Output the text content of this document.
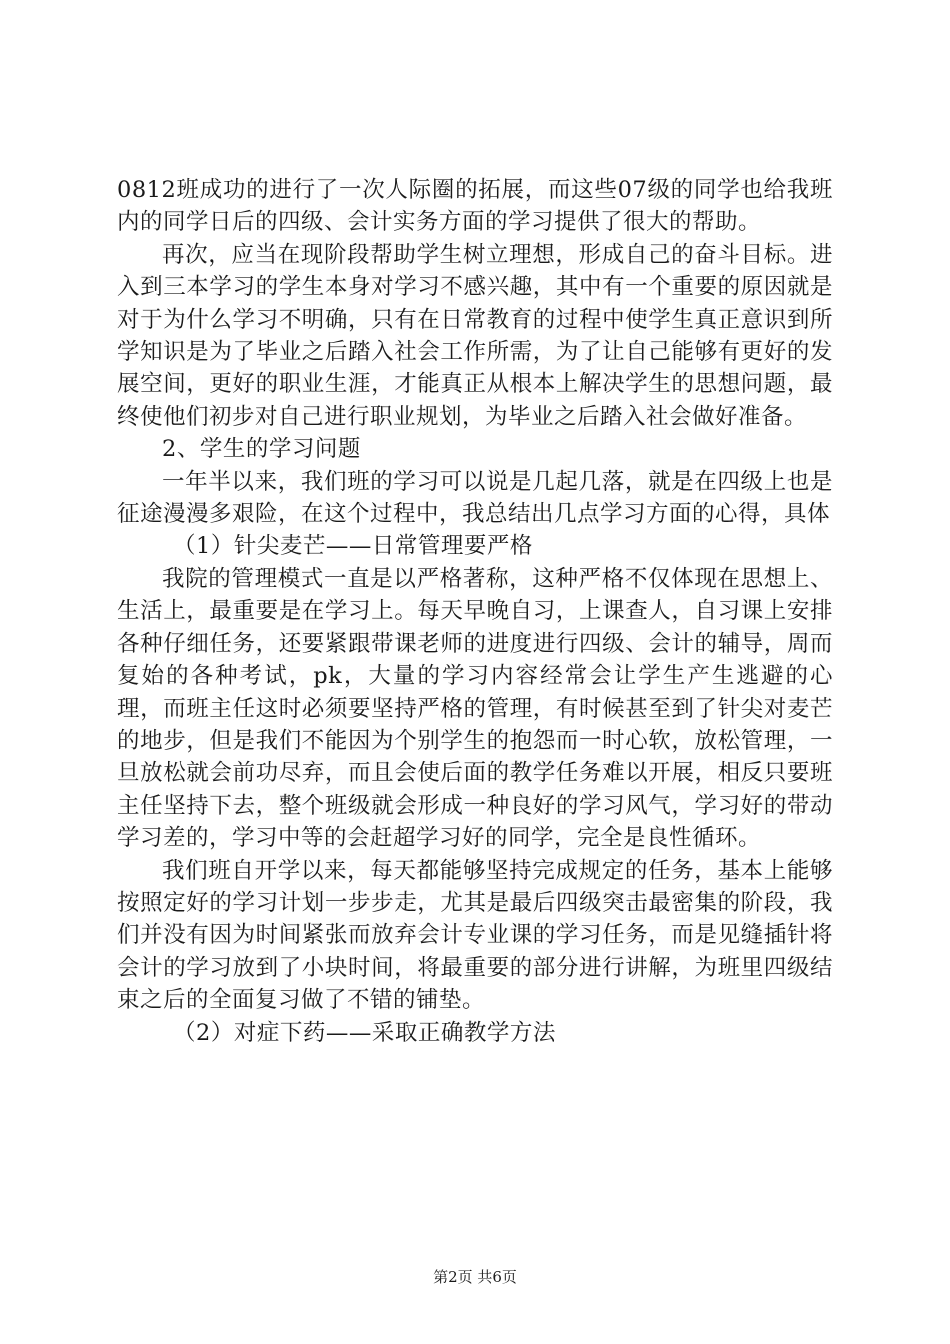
0812班成功的进行了一次人际圈的拓展，而这些07级的同学也给我班内的同学日后的四级、会计实务方面的学习提供了很大的帮助。

再次，应当在现阶段帮助学生树立理想，形成自己的奋斗目标。进入到三本学习的学生本身对学习不感兴趣，其中有一个重要的原因就是对于为什么学习不明确，只有在日常教育的过程中使学生真正意识到所学知识是为了毕业之后踏入社会工作所需，为了让自己能够有更好的发展空间，更好的职业生涯，才能真正从根本上解决学生的思想问题，最终使他们初步对自己进行职业规划，为毕业之后踏入社会做好准备。

2、学生的学习问题

一年半以来，我们班的学习可以说是几起几落，就是在四级上也是征途漫漫多艰险，在这个过程中，我总结出几点学习方面的心得，具体

（1）针尖麦芒——日常管理要严格

我院的管理模式一直是以严格著称，这种严格不仅体现在思想上、生活上，最重要是在学习上。每天早晚自习，上课查人，自习课上安排各种仔细任务，还要紧跟带课老师的进度进行四级、会计的辅导，周而复始的各种考试，pk，大量的学习内容经常会让学生产生逃避的心理，而班主任这时必须要坚持严格的管理，有时候甚至到了针尖对麦芒的地步，但是我们不能因为个别学生的抱怨而一时心软，放松管理，一旦放松就会前功尽弃，而且会使后面的教学任务难以开展，相反只要班主任坚持下去，整个班级就会形成一种良好的学习风气，学习好的带动学习差的，学习中等的会赶超学习好的同学，完全是良性循环。

我们班自开学以来，每天都能够坚持完成规定的任务，基本上能够按照定好的学习计划一步步走，尤其是最后四级突击最密集的阶段，我们并没有因为时间紧张而放弃会计专业课的学习任务，而是见缝插针将会计的学习放到了小块时间，将最重要的部分进行讲解，为班里四级结束之后的全面复习做了不错的铺垫。

（2）对症下药——采取正确教学方法

第2页 共6页
